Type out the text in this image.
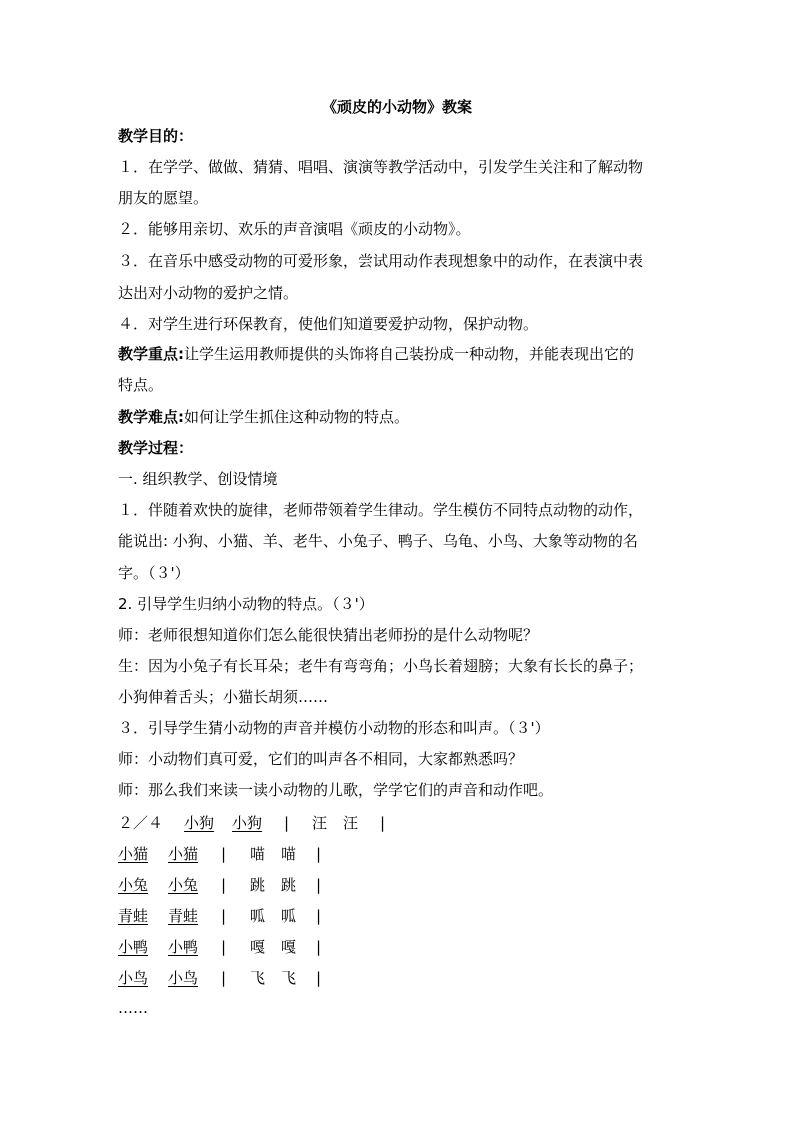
《顽皮的小动物》教案
教学目的：
１．在学学、做做、猜猜、唱唱、演演等教学活动中，引发学生关注和了解动物
朋友的愿望。
２．能够用亲切、欢乐的声音演唱《顽皮的小动物》。
３．在音乐中感受动物的可爱形象，尝试用动作表现想象中的动作，在表演中表
达出对小动物的爱护之情。
４．对学生进行环保教育，使他们知道要爱护动物，保护动物。
教学重点:让学生运用教师提供的头饰将自己装扮成一种动物，并能表现出它的
特点。
教学难点:如何让学生抓住这种动物的特点。
教学过程：
一. 组织教学、创设情境
１．伴随着欢快的旋律，老师带领着学生律动。学生模仿不同特点动物的动作，
能说出: 小狗、小猫、羊、老牛、小兔子、鸭子、乌龟、小鸟、大象等动物的名
字。（３'）
2. 引导学生归纳小动物的特点。（３'）
师：老师很想知道你们怎么能很快猜出老师扮的是什么动物呢？
生：因为小兔子有长耳朵；老牛有弯弯角；小鸟长着翅膀；大象有长长的鼻子；
小狗伸着舌头；小猫长胡须……
３．引导学生猜小动物的声音并模仿小动物的形态和叫声。（３'）
师：小动物们真可爱，它们的叫声各不相同，大家都熟悉吗？
师：那么我们来读一读小动物的儿歌，学学它们的声音和动作吧。
２／４ 小狗 小狗 | 汪 汪 |
小猫 小猫 | 喵 喵 |
小兔 小兔 | 跳 跳 |
青蛙 青蛙 | 呱 呱 |
小鸭 小鸭 | 嘎 嘎 |
小鸟 小鸟 | 飞 飞 |
……
